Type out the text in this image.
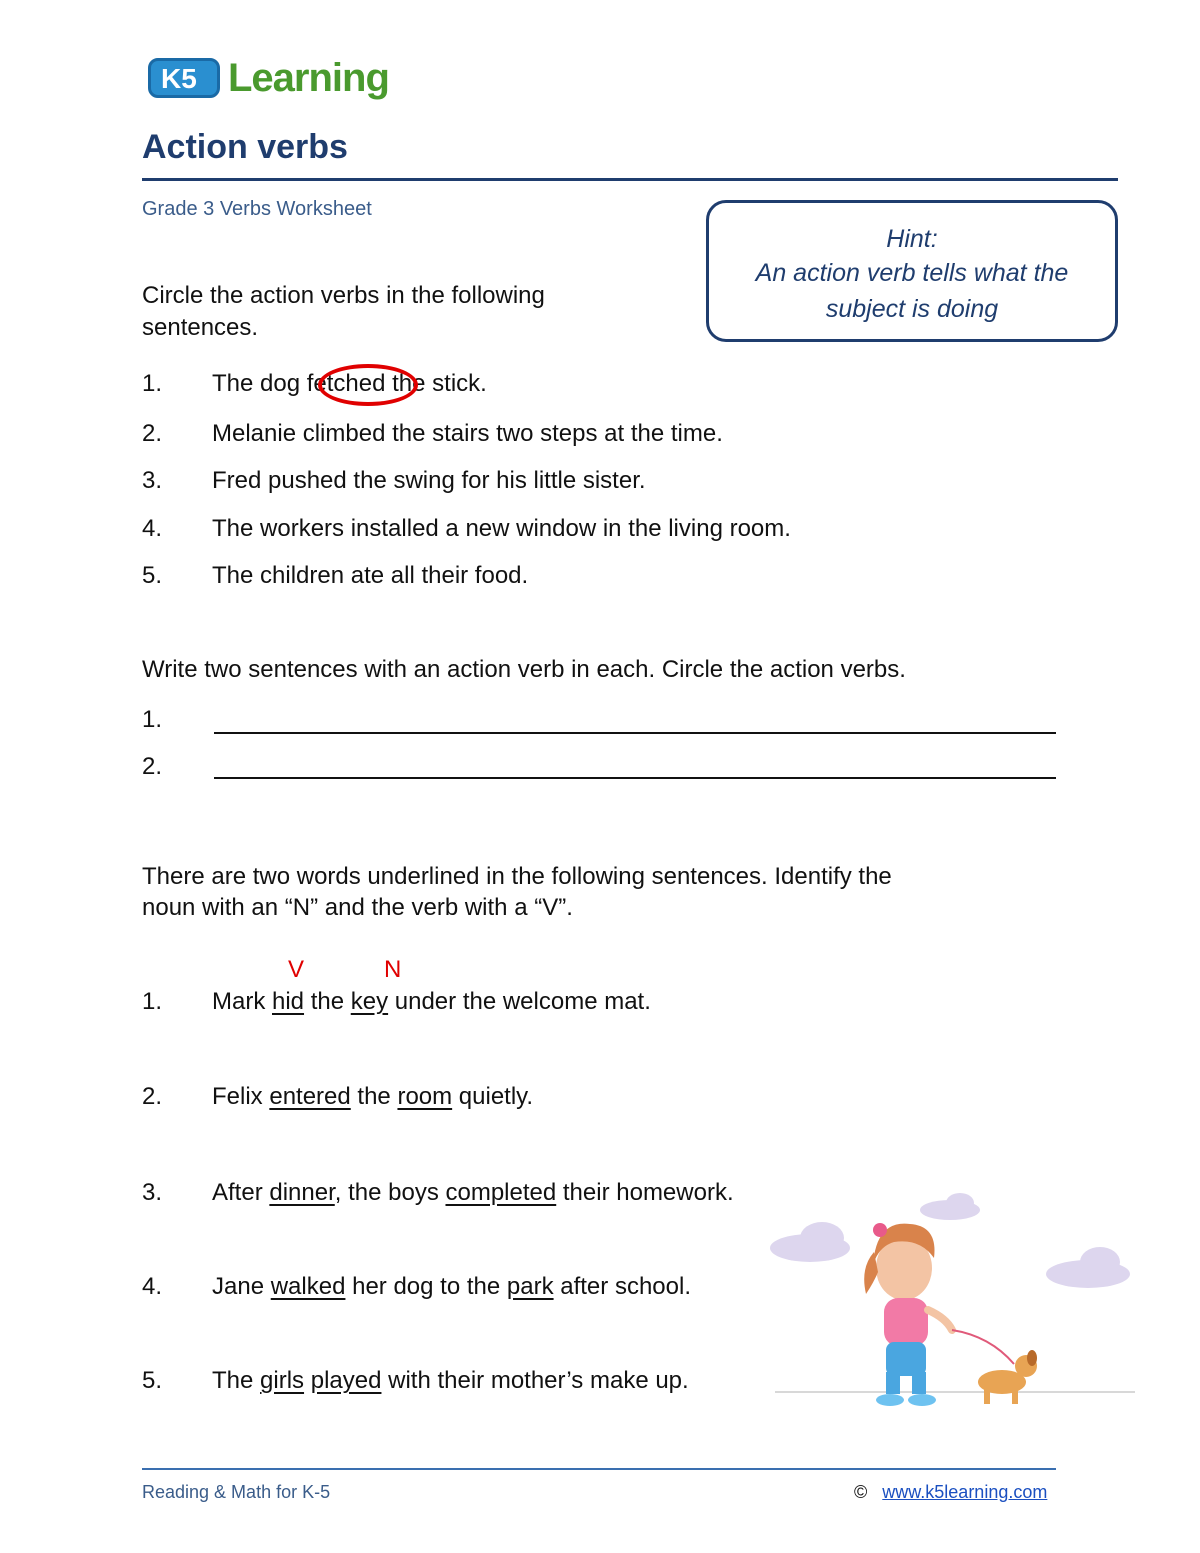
K5 Learning
Action verbs
Grade 3 Verbs Worksheet
Hint:
An action verb tells what the
subject is doing
Circle the action verbs in the following sentences.
1. The dog fetched the stick.
2. Melanie climbed the stairs two steps at the time.
3. Fred pushed the swing for his little sister.
4. The workers installed a new window in the living room.
5. The children ate all their food.
Write two sentences with an action verb in each. Circle the action verbs.
1.
2.
There are two words underlined in the following sentences. Identify the
noun with an “N” and the verb with a “V”.
V	N
1. Mark hid the key under the welcome mat.
2. Felix entered the room quietly.
3. After dinner, the boys completed their homework.
4. Jane walked her dog to the park after school.
5. The girls played with their mother’s make up.
Reading & Math for K-5	© www.k5learning.com
